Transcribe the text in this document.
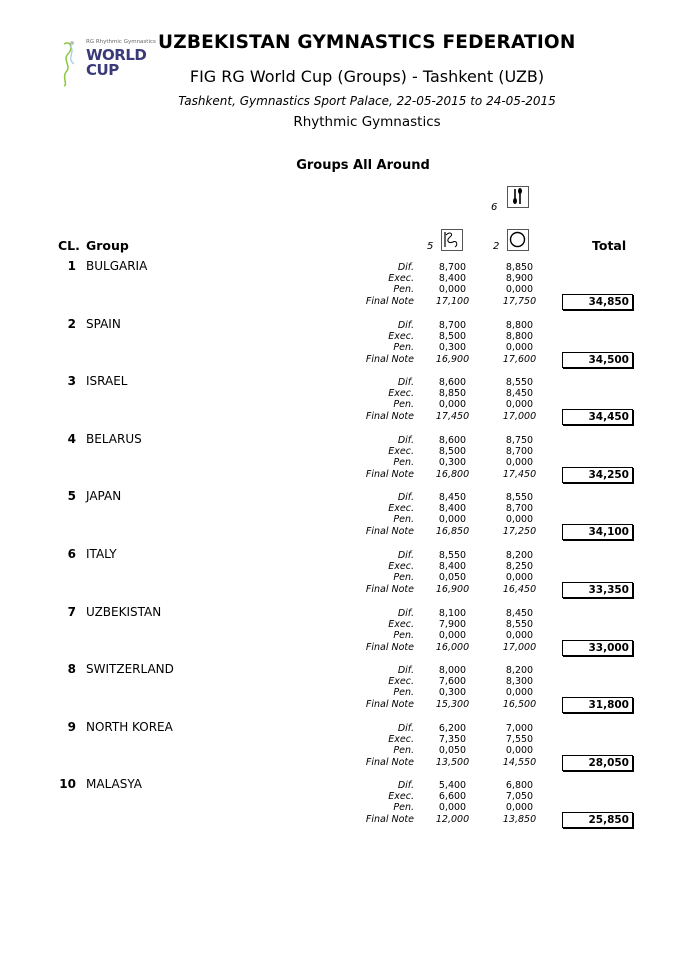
RG Rhythmic Gymnastics
WORLD
CUP
UZBEKISTAN GYMNASTICS FEDERATION
FIG RG World Cup (Groups) - Tashkent (UZB)
Tashkent, Gymnastics Sport Palace, 22-05-2015 to 24-05-2015
Rhythmic Gymnastics
Groups All Around
6
5	2
CL. Group	Total
1 BULGARIA	Dif.	8,700	8,850
Exec.	8,400	8,900
Pen.	0,000	0,000
Final Note	17,100	17,750	34,850
2 SPAIN	Dif.	8,700	8,800
Exec.	8,500	8,800
Pen.	0,300	0,000
Final Note	16,900	17,600	34,500
3 ISRAEL	Dif.	8,600	8,550
Exec.	8,850	8,450
Pen.	0,000	0,000
Final Note	17,450	17,000	34,450
4 BELARUS	Dif.	8,600	8,750
Exec.	8,500	8,700
Pen.	0,300	0,000
Final Note	16,800	17,450	34,250
5 JAPAN	Dif.	8,450	8,550
Exec.	8,400	8,700
Pen.	0,000	0,000
Final Note	16,850	17,250	34,100
6 ITALY	Dif.	8,550	8,200
Exec.	8,400	8,250
Pen.	0,050	0,000
Final Note	16,900	16,450	33,350
7 UZBEKISTAN	Dif.	8,100	8,450
Exec.	7,900	8,550
Pen.	0,000	0,000
Final Note	16,000	17,000	33,000
8 SWITZERLAND	Dif.	8,000	8,200
Exec.	7,600	8,300
Pen.	0,300	0,000
Final Note	15,300	16,500	31,800
9 NORTH KOREA	Dif.	6,200	7,000
Exec.	7,350	7,550
Pen.	0,050	0,000
Final Note	13,500	14,550	28,050
10 MALASYA	Dif.	5,400	6,800
Exec.	6,600	7,050
Pen.	0,000	0,000
Final Note	12,000	13,850	25,850
